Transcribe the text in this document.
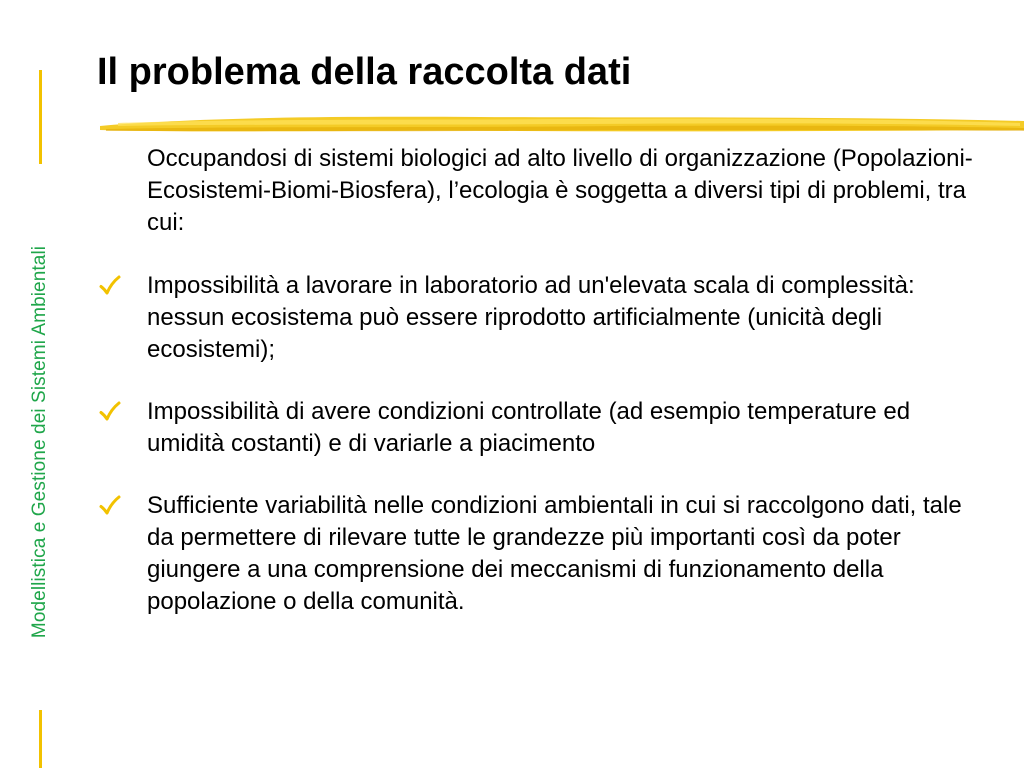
Modellistica e Gestione dei Sistemi Ambientali
Il problema della raccolta dati

Occupandosi di sistemi biologici ad alto livello di organizzazione (Popolazioni-Ecosistemi-Biomi-Biosfera), l’ecologia è soggetta a diversi tipi di problemi, tra cui:

Impossibilità a lavorare in laboratorio ad un'elevata scala di complessità: nessun ecosistema può essere riprodotto artificialmente (unicità degli ecosistemi);
Impossibilità di avere condizioni controllate (ad esempio temperature ed umidità costanti) e di variarle a piacimento
Sufficiente variabilità nelle condizioni ambientali in cui si raccolgono dati, tale da permettere di rilevare tutte le grandezze più importanti così da poter giungere a una comprensione dei meccanismi di funzionamento della popolazione o della comunità.
